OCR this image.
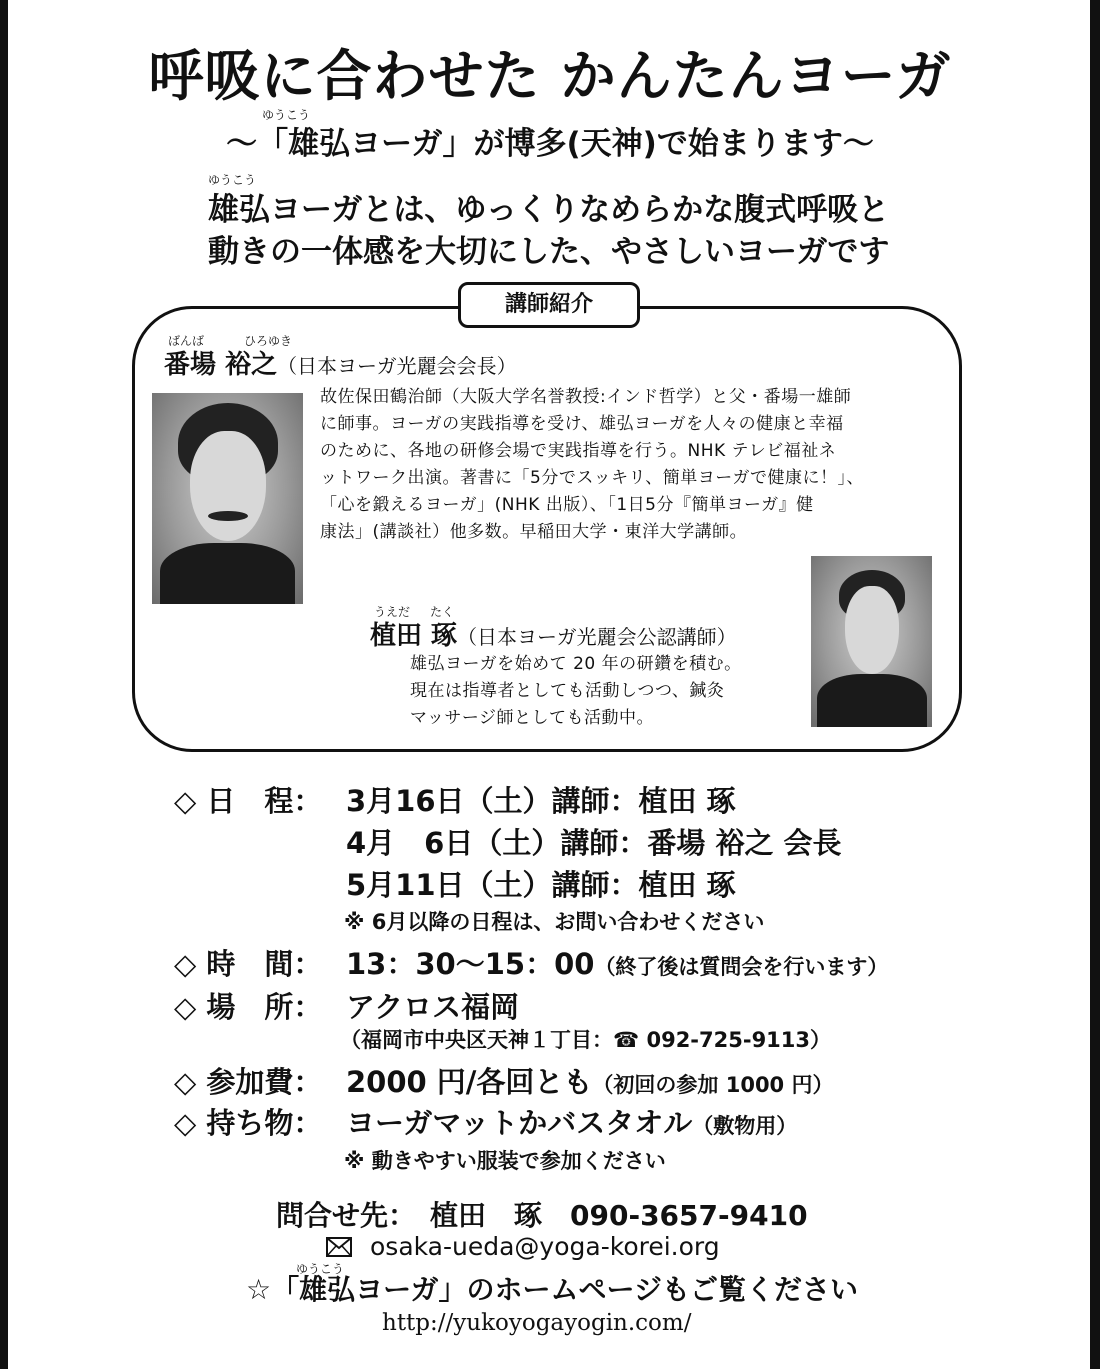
呼吸に合わせた かんたんヨーガ
ゆうこう
～「雄弘ヨーガ」が博多(天神)で始まります～
ゆうこう
雄弘ヨーガとは、ゆっくりなめらかな腹式呼吸と
動きの一体感を大切にした、やさしいヨーガです
講師紹介
ばんば	ひろゆき
番場 裕之（日本ヨーガ光麗会会長）
故佐保田鶴治師（大阪大学名誉教授:インド哲学）と父・番場一雄師
に師事。ヨーガの実践指導を受け、雄弘ヨーガを人々の健康と幸福
のために、各地の研修会場で実践指導を行う。NHK テレビ福祉ネ
ットワーク出演。著書に「5分でスッキリ、簡単ヨーガで健康に！」、
「心を鍛えるヨーガ」(NHK 出版）、「1日5分『簡単ヨーガ』健
康法」(講談社）他多数。早稲田大学・東洋大学講師。
うえだ たく
植田 琢（日本ヨーガ光麗会公認講師）
雄弘ヨーガを始めて 20 年の研鑽を積む。
現在は指導者としても活動しつつ、鍼灸
マッサージ師としても活動中。
◇ 日　程： 3月16日（土）講師：植田 琢
4月　6日（土）講師：番場 裕之 会長
5月11日（土）講師：植田 琢
※ 6月以降の日程は、お問い合わせください
◇ 時　間： 13：30～15：00（終了後は質問会を行います）
◇ 場　所： アクロス福岡
（福岡市中央区天神１丁目：☎ 092-725-9113）
◇ 参加費： 2000 円/各回とも（初回の参加 1000 円）
◇ 持ち物： ヨーガマットかバスタオル（敷物用）
※ 動きやすい服装で参加ください
問合せ先：　植田　琢　090-3657-9410
osaka-ueda@yoga-korei.org
ゆうこう
☆「雄弘ヨーガ」のホームページもご覧ください
http://yukoyogayogin.com/
